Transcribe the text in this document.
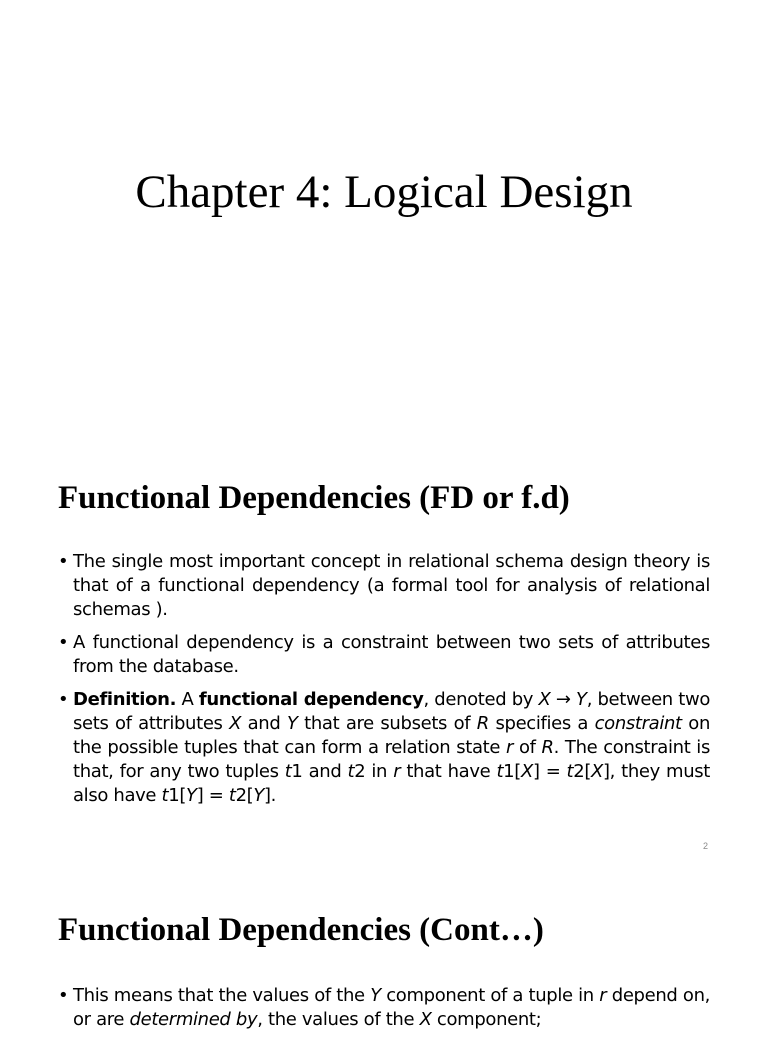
Chapter 4: Logical Design
Functional Dependencies (FD or f.d)
• The single most important concept in relational schema design theory is that of a functional dependency (a formal tool for analysis of relational schemas ).
• A functional dependency is a constraint between two sets of attributes from the database.
• Definition. A functional dependency, denoted by X → Y, between two sets of attributes X and Y that are subsets of R specifies a constraint on the possible tuples that can form a relation state r of R. The constraint is that, for any two tuples t1 and t2 in r that have t1[X] = t2[X], they must also have t1[Y] = t2[Y].
2
Functional Dependencies (Cont…)
• This means that the values of the Y component of a tuple in r depend on, or are determined by, the values of the X component;
